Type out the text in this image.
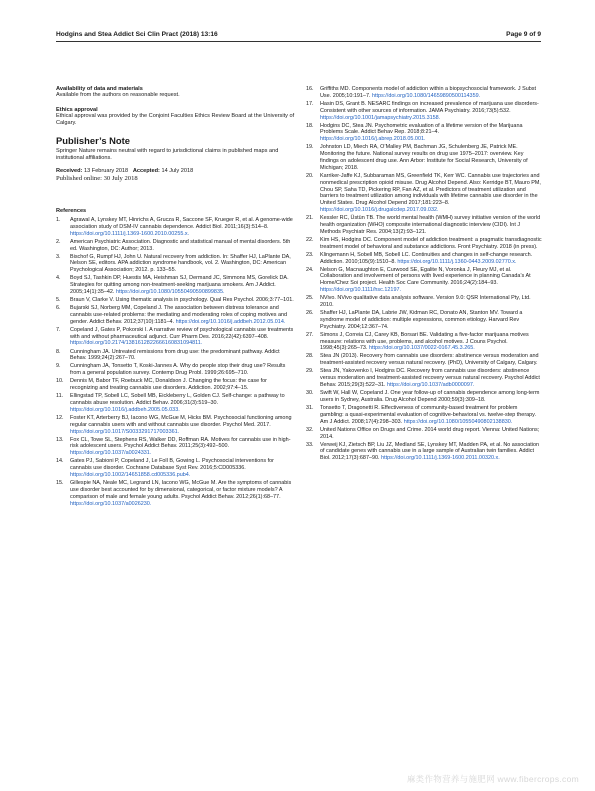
Hodgins and Stea Addict Sci Clin Pract (2018) 13:16	Page 9 of 9

Availability of data and materials

Available from the authors on reasonable request.

Ethics approval

Ethical approval was provided by the Conjoint Faculties Ethics Review Board at the University of Calgary.

Publisher’s Note

Springer Nature remains neutral with regard to jurisdictional claims in published maps and institutional affiliations.

Received: 13 February 2018 Accepted: 14 July 2018
Published online: 30 July 2018

References

1. Agrawal A, Lynskey MT, Hinrichs A, Grucza R, Saccone SF, Krueger R, et al. A genome-wide association study of DSM-IV cannabis dependence. Addict Biol. 2011;16(3):514–8. https://doi.org/10.1111/j.1369-1600.2010.00255.x.
2. American Psychiatric Association. Diagnostic and statistical manual of mental disorders. 5th ed. Washington, DC: Author; 2013.
3. Bischof G, Rumpf HJ, John U. Natural recovery from addiction. In: Shaffer HJ, LaPlante DA, Nelson SE, editors. APA addiction syndrome handbook, vol. 2. Washington, DC: American Psychological Association; 2012. p. 133–55.
4. Boyd SJ, Tashkin DP, Huestis MA, Heishman SJ, Dermand JC, Simmons MS, Gorelick DA. Strategies for quitting among non-treatment-seeking marijuana smokers. Am J Addict. 2005;14(1):35–42. https://doi.org/10.1080/10550490590899835.
5. Braun V, Clarke V. Using thematic analysis in psychology. Qual Res Psychol. 2006;3:77–101.
6. Bujarski SJ, Norberg MM, Copeland J. The association between distress tolerance and cannabis use-related problems: the mediating and moderating roles of coping motives and gender. Addict Behav. 2012;37(10):1181–4. https://doi.org/10.1016/j.addbeh.2012.05.014.
7. Copeland J, Gates P, Pokorski I. A narrative review of psychological cannabis use treatments with and without pharmaceutical adjunct. Curr Pharm Des. 2016;22(42):6397–408. https://doi.org/10.2174/1381612822666160831094811.
8. Cunningham JA. Untreated remissions from drug use: the predominant pathway. Addict Behav. 1999;24(2):267–70.
9. Cunningham JA, Tonsetto T, Koski-Jannes A. Why do people stop their drug use? Results from a general population survey. Contemp Drug Probl. 1999;26:695–710.
10. Dennis M, Babor TF, Roebuck MC, Donaldson J. Changing the focus: the case for recognizing and treating cannabis use disorders. Addiction. 2002;97:4–15.
11. Ellingstad TP, Sobell LC, Sobell MB, Eickleberry L, Golden CJ. Self-change: a pathway to cannabis abuse resolution. Addict Behav. 2006;31(3):519–30. https://doi.org/10.1016/j.addbeh.2005.05.033.
12. Foster KT, Arterberry BJ, Iacono WG, McGue M, Hicks BM. Psychosocial functioning among regular cannabis users with and without cannabis use disorder. Psychol Med. 2017. https://doi.org/10.1017/S0033291717003361.
13. Fox CL, Towe SL, Stephens RS, Walker DD, Roffman RA. Motives for cannabis use in high-risk adolescent users. Psychol Addict Behav. 2011;25(3):492–500. https://doi.org/10.1037/a0024331.
14. Gates PJ, Sabioni P, Copeland J, Le Foll B, Gowing L. Psychosocial interventions for cannabis use disorder. Cochrane Database Syst Rev. 2016;5:CD005336. https://doi.org/10.1002/14651858.cd005336.pub4.
15. Gillespie NA, Neale MC, Legrand LN, Iacono WG, McGue M. Are the symptoms of cannabis use disorder best accounted for by dimensional, categorical, or factor mixture models? A comparison of male and female young adults. Psychol Addict Behav. 2012;26(1):68–77. https://doi.org/10.1037/a0026230.
16. Griffiths MD. Components model of addiction within a biopsychosocial framework. J Subst Use. 2005;10:191–7. https://doi.org/10.1080/14659890500114359.
17. Hasin DS, Grant B. NESARC findings on increased prevalence of marijuana use disorders-Consistent with other sources of information. JAMA Psychiatry. 2016;73(5):532. https://doi.org/10.1001/jamapsychiatry.2015.3158.
18. Hodgins DC, Stea JN. Psychometric evaluation of a lifetime version of the Marijuana Problems Scale. Addict Behav Rep. 2018;8:21–4. https://doi.org/10.1016/j.abrep.2018.05.001.
19. Johnston LD, Miech RA, O’Malley PM, Bachman JG, Schulenberg JE, Patrick ME. Monitoring the future. National survey results on drug use 1975–2017: overview. Key findings on adolescent drug use. Ann Arbor: Institute for Social Research, University of Michigan; 2018.
20. Karriker-Jaffe KJ, Subbaraman MS, Greenfield TK, Kerr WC. Cannabis use trajectories and nonmedical prescription opioid misuse. Drug Alcohol Depend. Also: Kerridge BT, Mauro PM, Chou SP, Saha TD, Pickering RP, Fan AZ, et al. Predictors of treatment utilization and barriers to treatment utilization among individuals with lifetime cannabis use disorder in the United States. Drug Alcohol Depend 2017;181:223–8. https://doi.org/10.1016/j.drugalcdep.2017.09.032.
21. Kessler RC, Üstün TB. The world mental health (WMH) survey initiative version of the world health organization (WHO) composite international diagnostic interview (CIDI). Int J Methods Psychiatr Res. 2004;13(2):93–121.
22. Kim HS, Hodgins DC. Component model of addiction treatment: a pragmatic transdiagnostic treatment model of behavioral and substance addictions. Front Psychiatry. 2018 (in press).
23. Klingemann H, Sobell MB, Sobell LC. Continuities and changes in self-change research. Addiction. 2010;105(9):1510–8. https://doi.org/10.1111/j.1360-0443.2009.02770.x.
24. Nelson G, Macnaughton E, Curwood SE, Egalite N, Voronka J, Fleury MJ, et al. Collaboration and involvement of persons with lived experience in planning Canada’s At Home/Chez Soi project. Health Soc Care Community. 2016;24(2):184–93. https://doi.org/10.1111/hsc.12197.
25. NVivo. NVivo qualitative data analysis software. Version 9.0: QSR International Pty, Ltd. 2010.
26. Shaffer HJ, LaPlante DA, Labrie JW, Kidman RC, Donato AN, Stanton MV. Toward a syndrome model of addiction: multiple expressions, common etiology. Harvard Rev Psychiatry. 2004;12:367–74.
27. Simons J, Correia CJ, Carey KB, Borsari BE. Validating a five-factor marijuana motives measure: relations with use, problems, and alcohol motives. J Couns Psychol. 1998;45(3):265–73. https://doi.org/10.1037/0022-0167.45.3.265.
28. Stea JN (2013). Recovery from cannabis use disorders: abstinence versus moderation and treatment-assisted recovery versus natural recovery. (PhD), University of Calgary, Calgary.
29. Stea JN, Yakovenko I, Hodgins DC. Recovery from cannabis use disorders: abstinence versus moderation and treatment-assisted recovery versus natural recovery. Psychol Addict Behav. 2015;29(3):522–31. https://doi.org/10.1037/adb0000097.
30. Swift W, Hall W, Copeland J. One year follow-up of cannabis dependence among long-term users in Sydney, Australia. Drug Alcohol Depend 2000;59(3):309–18.
31. Tonsetto T, Dragonetti R. Effectiveness of community-based treatment for problem gambling: a quasi-experimental evaluation of cognitive-behavioral vs. twelve-step therapy. Am J Addict. 2008;17(4):298–303. https://doi.org/10.1080/10550490802138830.
32. United Nations Office on Drugs and Crime. 2014 world drug report. Vienna: United Nations; 2014.
33. Verweij KJ, Zietsch BP, Liu JZ, Medland SE, Lynskey MT, Madden PA, et al. No association of candidate genes with cannabis use in a large sample of Australian twin families. Addict Biol. 2012;17(3):687–90. https://doi.org/10.1111/j.1369-1600.2011.00320.x.
麻类作物营养与施肥网 www.fibercrops.com
